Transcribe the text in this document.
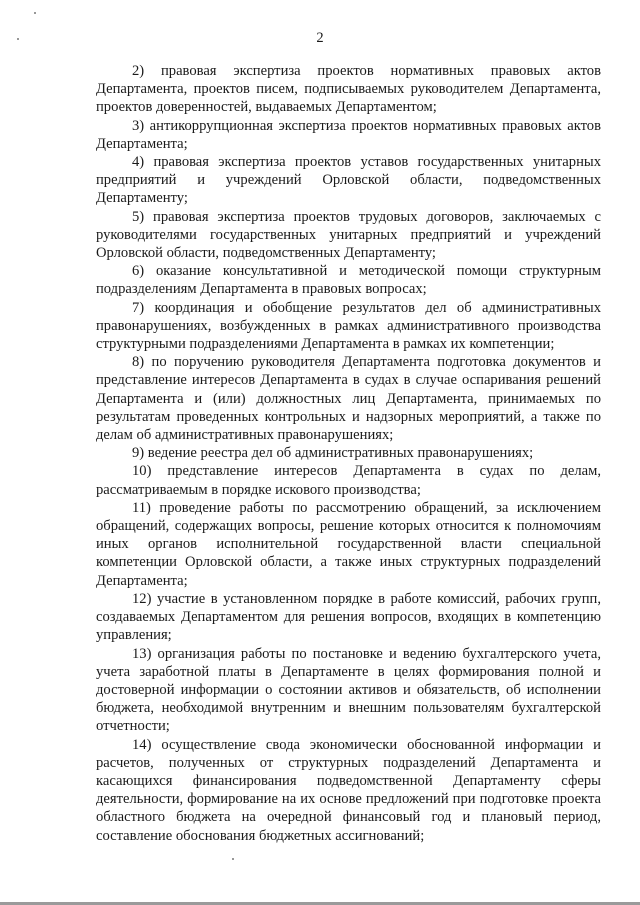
2

2) правовая экспертиза проектов нормативных правовых актов Департамента, проектов писем, подписываемых руководителем Департамента, проектов доверенностей, выдаваемых Департаментом;

3) антикоррупционная экспертиза проектов нормативных правовых актов Департамента;

4) правовая экспертиза проектов уставов государственных унитарных предприятий и учреждений Орловской области, подведомственных Департаменту;

5) правовая экспертиза проектов трудовых договоров, заключаемых с руководителями государственных унитарных предприятий и учреждений Орловской области, подведомственных Департаменту;

6) оказание консультативной и методической помощи структурным подразделениям Департамента в правовых вопросах;

7) координация и обобщение результатов дел об административных правонарушениях, возбужденных в рамках административного производства структурными подразделениями Департамента в рамках их компетенции;

8) по поручению руководителя Департамента подготовка документов и представление интересов Департамента в судах в случае оспаривания решений Департамента и (или) должностных лиц Департамента, принимаемых по результатам проведенных контрольных и надзорных мероприятий, а также по делам об административных правонарушениях;

9) ведение реестра дел об административных правонарушениях;

10) представление интересов Департамента в судах по делам, рассматриваемым в порядке искового производства;

11) проведение работы по рассмотрению обращений, за исключением обращений, содержащих вопросы, решение которых относится к полномочиям иных органов исполнительной государственной власти специальной компетенции Орловской области, а также иных структурных подразделений Департамента;

12) участие в установленном порядке в работе комиссий, рабочих групп, создаваемых Департаментом для решения вопросов, входящих в компетенцию управления;

13) организация работы по постановке и ведению бухгалтерского учета, учета заработной платы в Департаменте в целях формирования полной и достоверной информации о состоянии активов и обязательств, об исполнении бюджета, необходимой внутренним и внешним пользователям бухгалтерской отчетности;

14) осуществление свода экономически обоснованной информации и расчетов, полученных от структурных подразделений Департамента и касающихся финансирования подведомственной Департаменту сферы деятельности, формирование на их основе предложений при подготовке проекта областного бюджета на очередной финансовый год и плановый период, составление обоснования бюджетных ассигнований;
